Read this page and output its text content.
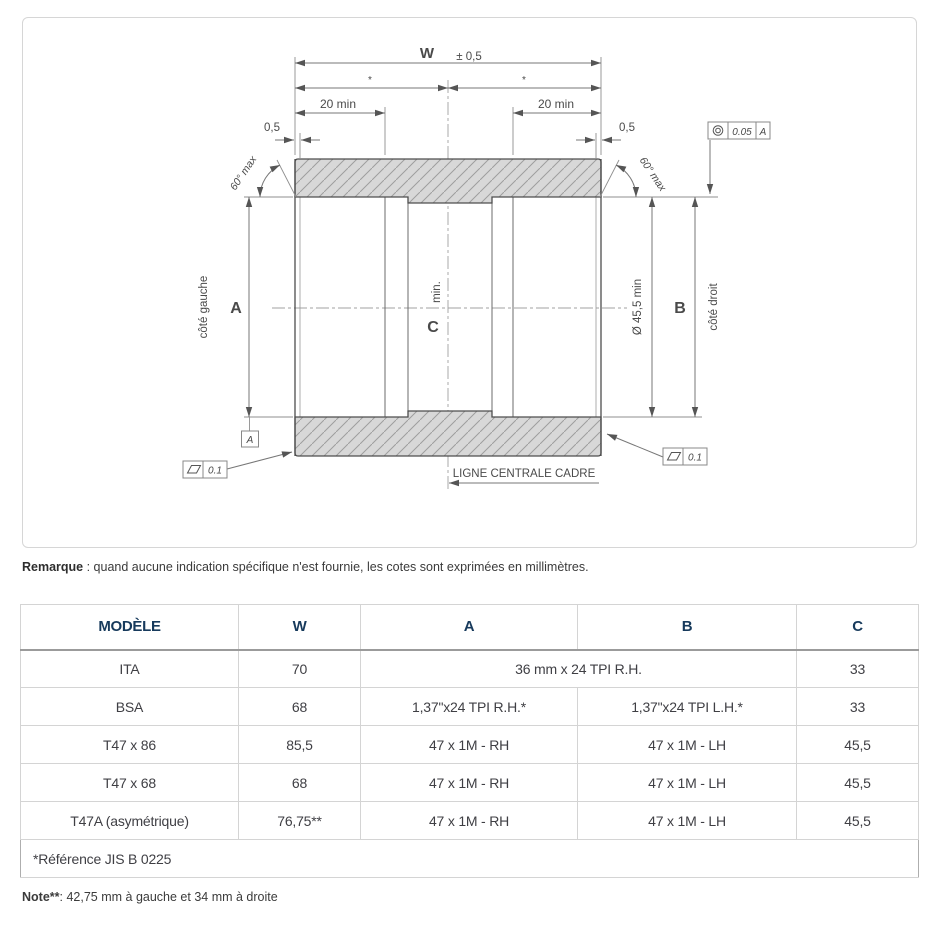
W ± 0,5
*	*
20 min	20 min
0,5	0,5
60° max	60° max
A	B
C
min.
côté gauche	côté droit
Ø 45,5 min
LIGNE CENTRALE CADRE
0.05 A
A
0.1
0.1

Remarque : quand aucune indication spécifique n'est fournie, les cotes sont exprimées en millimètres.

MODÈLE	W	A	B	C
ITA	70	36 mm x 24 TPI R.H.		33
BSA	68	1,37"x24 TPI R.H.*	1,37"x24 TPI L.H.*	33
T47 x 86	85,5	47 x 1M - RH	47 x 1M - LH	45,5
T47 x 68	68	47 x 1M - RH	47 x 1M - LH	45,5
T47A (asymétrique)	76,75**	47 x 1M - RH	47 x 1M - LH	45,5
*Référence JIS B 0225				

Note**: 42,75 mm à gauche et 34 mm à droite
